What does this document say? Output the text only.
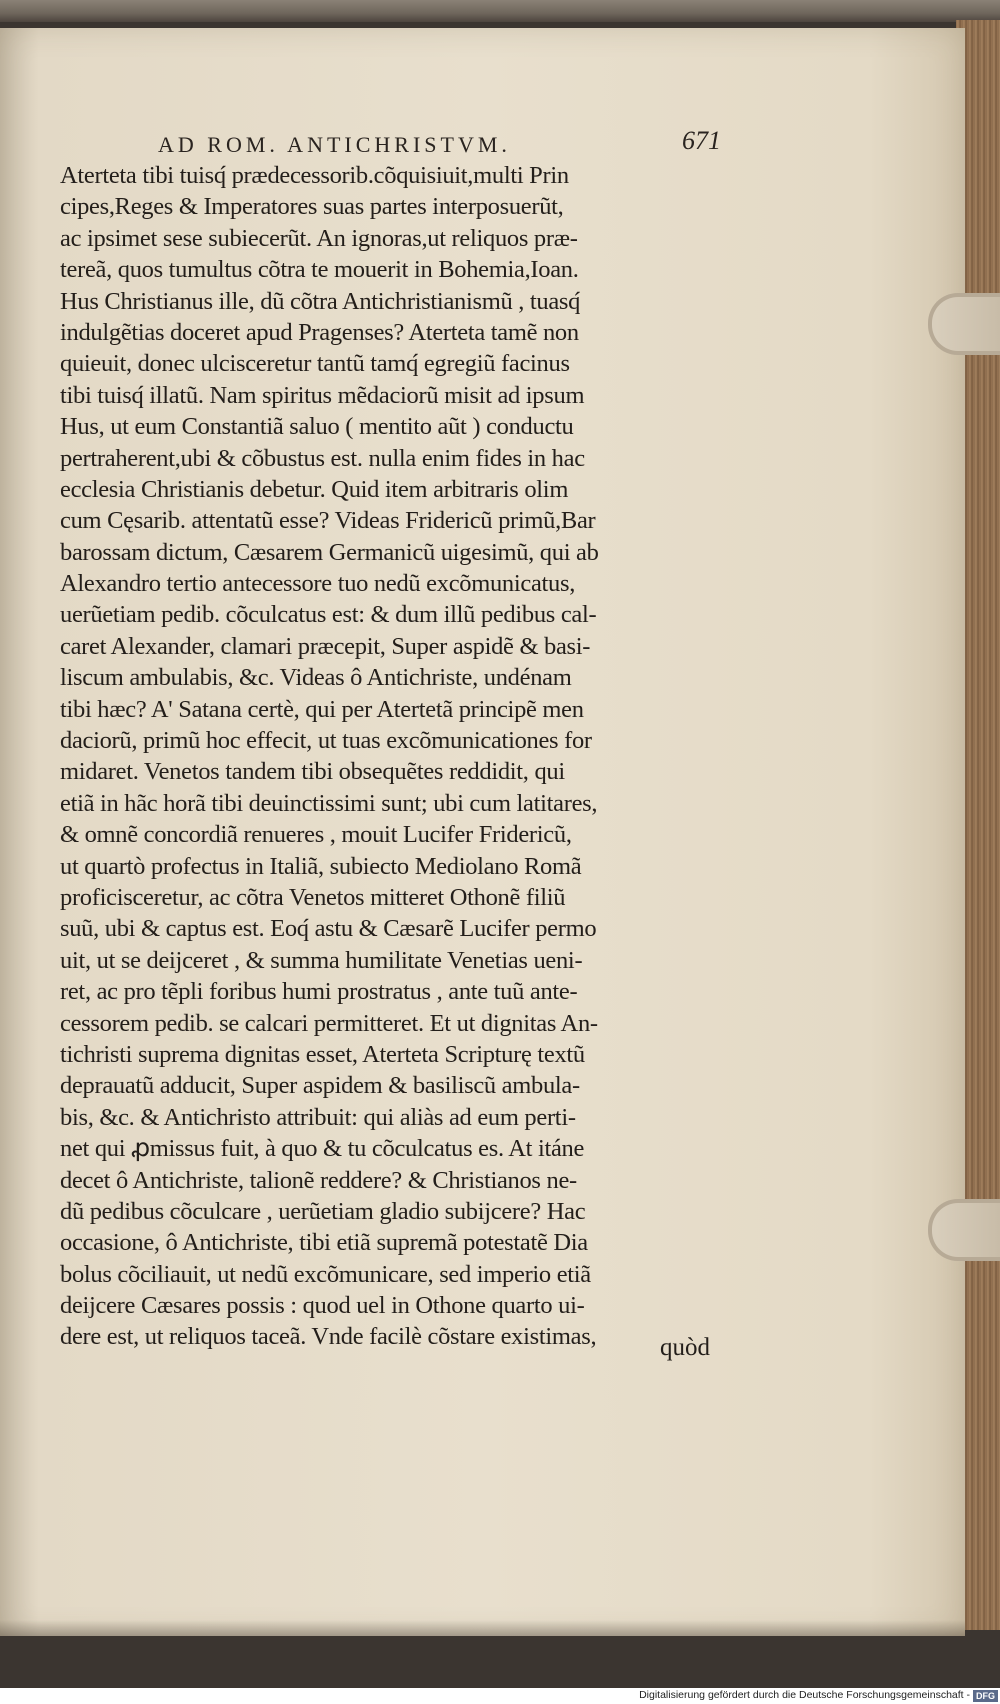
AD ROM. ANTICHRISTVM.	671
Aterteta tibi tuisq́ prædecessorib.cõquisiuit,multi Prin
cipes,Reges & Imperatores suas partes interposuerũt,
ac ipsimet sese subiecerũt. An ignoras,ut reliquos præ-
tereã, quos tumultus cõtra te mouerit in Bohemia,Ioan.
Hus Christianus ille, dũ cõtra Antichristianismũ , tuasq́
indulgẽtias doceret apud Pragenses? Aterteta tamẽ non
quieuit, donec ulcisceretur tantũ tamq́ egregiũ facinus
tibi tuisq́ illatũ. Nam spiritus mẽdaciorũ misit ad ipsum
Hus, ut eum Constantiã saluo ( mentito aũt ) conductu
pertraherent,ubi & cõbustus est. nulla enim fides in hac
ecclesia Christianis debetur. Quid item arbitraris olim
cum Cęsarib. attentatũ esse? Videas Fridericũ primũ,Bar
barossam dictum, Cæsarem Germanicũ uigesimũ, qui ab
Alexandro tertio antecessore tuo nedũ excõmunicatus,
uerũetiam pedib. cõculcatus est: & dum illũ pedibus cal-
caret Alexander, clamari præcepit, Super aspidẽ & basi-
liscum ambulabis, &c. Videas ô Antichriste, undénam
tibi hæc? A' Satana certè, qui per Atertetã principẽ men
daciorũ, primũ hoc effecit, ut tuas excõmunicationes for
midaret. Venetos tandem tibi obsequẽtes reddidit, qui
etiã in hãc horã tibi deuinctissimi sunt; ubi cum latitares,
& omnẽ concordiã renueres , mouit Lucifer Fridericũ,
ut quartò profectus in Italiã, subiecto Mediolano Romã
proficisceretur, ac cõtra Venetos mitteret Othonẽ filiũ
suũ, ubi & captus est. Eoq́ astu & Cæsarẽ Lucifer permo
uit, ut se deijceret , & summa humilitate Venetias ueni-
ret, ac pro tẽpli foribus humi prostratus , ante tuũ ante-
cessorem pedib. se calcari permitteret. Et ut dignitas An-
tichristi suprema dignitas esset, Aterteta Scripturę textũ
deprauatũ adducit, Super aspidem & basiliscũ ambula-
bis, &c. & Antichristo attribuit: qui aliàs ad eum perti-
net qui ꝓmissus fuit, à quo & tu cõculcatus es. At itáne
decet ô Antichriste, talionẽ reddere? & Christianos ne-
dũ pedibus cõculcare , uerũetiam gladio subijcere? Hac
occasione, ô Antichriste, tibi etiã supremã potestatẽ Dia
bolus cõciliauit, ut nedũ excõmunicare, sed imperio etiã
deijcere Cæsares possis : quod uel in Othone quarto ui-
dere est, ut reliquos taceã. Vnde facilè cõstare existimas,	quòd
Digitalisierung gefördert durch die Deutsche Forschungsgemeinschaft - DFG
